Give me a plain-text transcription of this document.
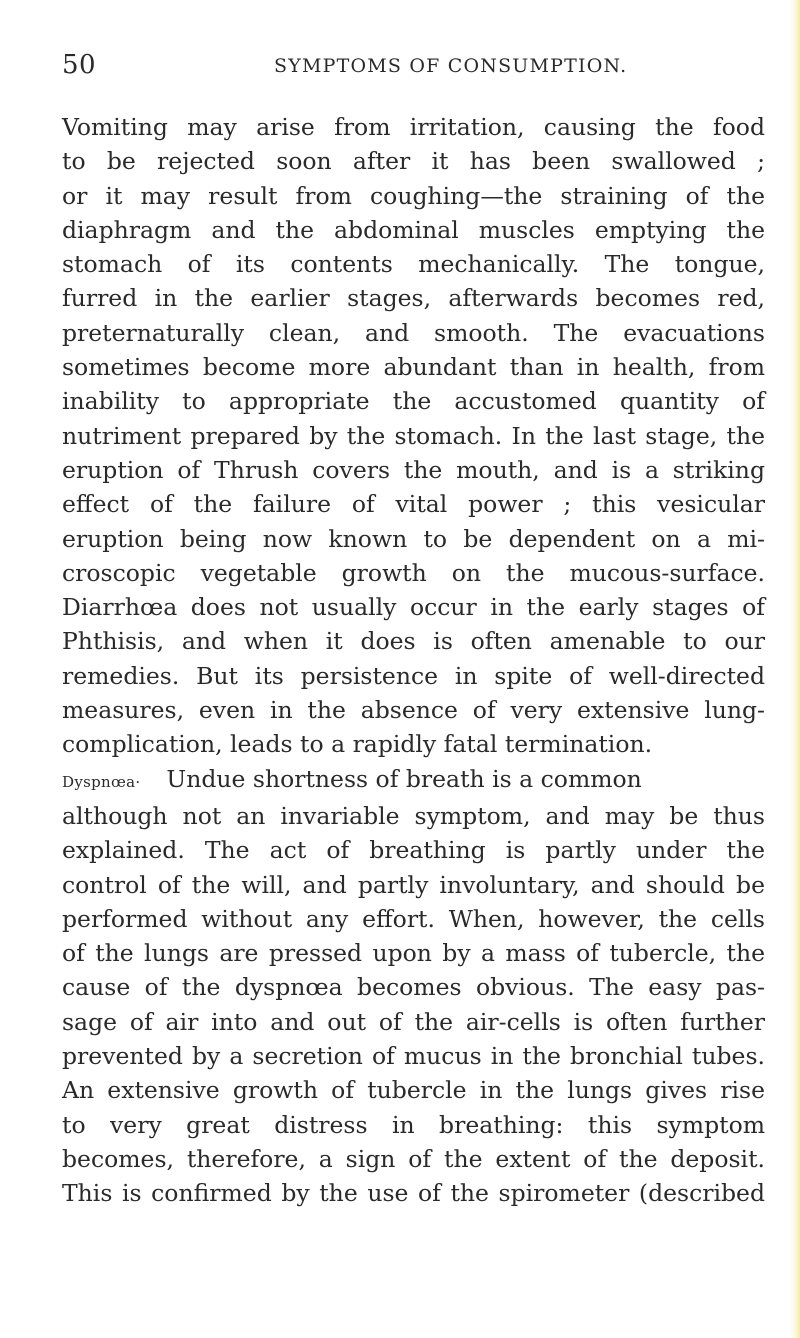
50	SYMPTOMS OF CONSUMPTION.
Vomiting may arise from irritation, causing the food
to be rejected soon after it has been swallowed ;
or it may result from coughing—the straining of the
diaphragm and the abdominal muscles emptying the
stomach of its contents mechanically. The tongue,
furred in the earlier stages, afterwards becomes red,
preternaturally clean, and smooth. The evacuations
sometimes become more abundant than in health, from
inability to appropriate the accustomed quantity of
nutriment prepared by the stomach. In the last stage, the
eruption of Thrush covers the mouth, and is a striking
effect of the failure of vital power ; this vesicular
eruption being now known to be dependent on a mi-
croscopic vegetable growth on the mucous-surface.
Diarrhœa does not usually occur in the early stages of
Phthisis, and when it does is often amenable to our
remedies. But its persistence in spite of well-directed
measures, even in the absence of very extensive lung-
complication, leads to a rapidly fatal termination.
Dyspnœa· Undue shortness of breath is a common
although not an invariable symptom, and may be thus
explained. The act of breathing is partly under the
control of the will, and partly involuntary, and should be
performed without any effort. When, however, the cells
of the lungs are pressed upon by a mass of tubercle, the
cause of the dyspnœa becomes obvious. The easy pas-
sage of air into and out of the air-cells is often further
prevented by a secretion of mucus in the bronchial tubes.
An extensive growth of tubercle in the lungs gives rise
to very great distress in breathing: this symptom
becomes, therefore, a sign of the extent of the deposit.
This is confirmed by the use of the spirometer (described
